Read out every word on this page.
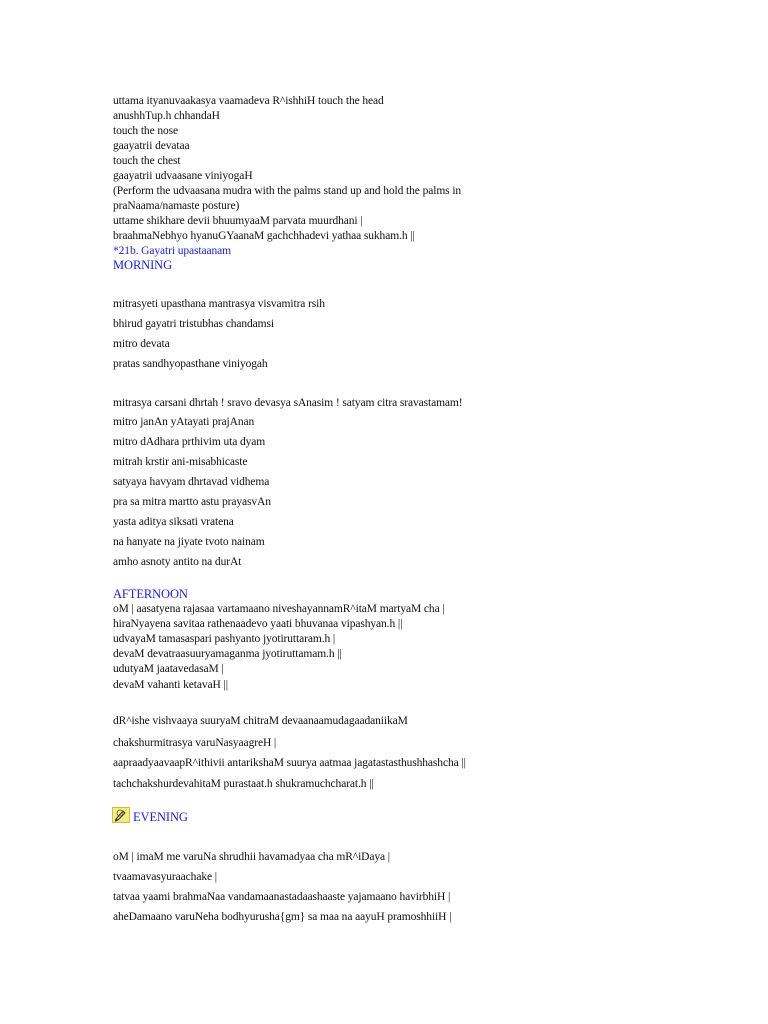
uttama ityanuvaakasya vaamadeva R^ishhiH touch the head
anushhTup.h chhandaH
touch the nose
gaayatrii devataa
touch the chest
gaayatrii udvaasane viniyogaH
(Perform the udvaasana mudra with the palms stand up and hold the palms in
praNaama/namaste posture)
uttame shikhare devii bhuumyaaM parvata muurdhani |
braahmaNebhyo hyanuGYaanaM gachchhadevi yathaa sukham.h ||
*21b. Gayatri upastaanam
MORNING
mitrasyeti upasthana mantrasya visvamitra rsih
bhirud gayatri tristubhas chandamsi
mitro devata
pratas sandhyopasthane viniyogah
mitrasya carsani dhrtah ! sravo devasya sAnasim ! satyam citra sravastamam!
mitro janAn yAtayati prajAnan
mitro dAdhara prthivim uta dyam
mitrah krstir ani-misabhicaste
satyaya havyam dhrtavad vidhema
pra sa mitra martto astu prayasvAn
yasta aditya siksati vratena
na hanyate na jiyate tvoto nainam
amho asnoty antito na durAt
AFTERNOON
oM | aasatyena rajasaa vartamaano niveshayannamR^itaM martyaM cha |
hiraNyayena savitaa rathenaadevo yaati bhuvanaa vipashyan.h ||
udvayaM tamasaspari pashyanto jyotiruttaram.h |
devaM devatraasuuryamaganma jyotiruttamam.h ||
udutyaM jaatavedasaM |
devaM vahanti ketavaH ||
dR^ishe vishvaaya suuryaM chitraM devaanaamudagaadaniikaM
chakshurmitrasya varuNasyaagreH |
aapraadyaavaapR^ithivii antarikshaM suurya aatmaa jagatastasthushhashcha ||
tachchakshurdevahitaM purastaat.h shukramuchcharat.h ||
EVENING
oM | imaM me varuNa shrudhii havamadyaa cha mR^iDaya |
tvaamavasyuraachake |
tatvaa yaami brahmaNaa vandamaanastadaashaaste yajamaano havirbhiH |
aheDamaano varuNeha bodhyurusha{gm} sa maa na aayuH pramoshhiiH |
